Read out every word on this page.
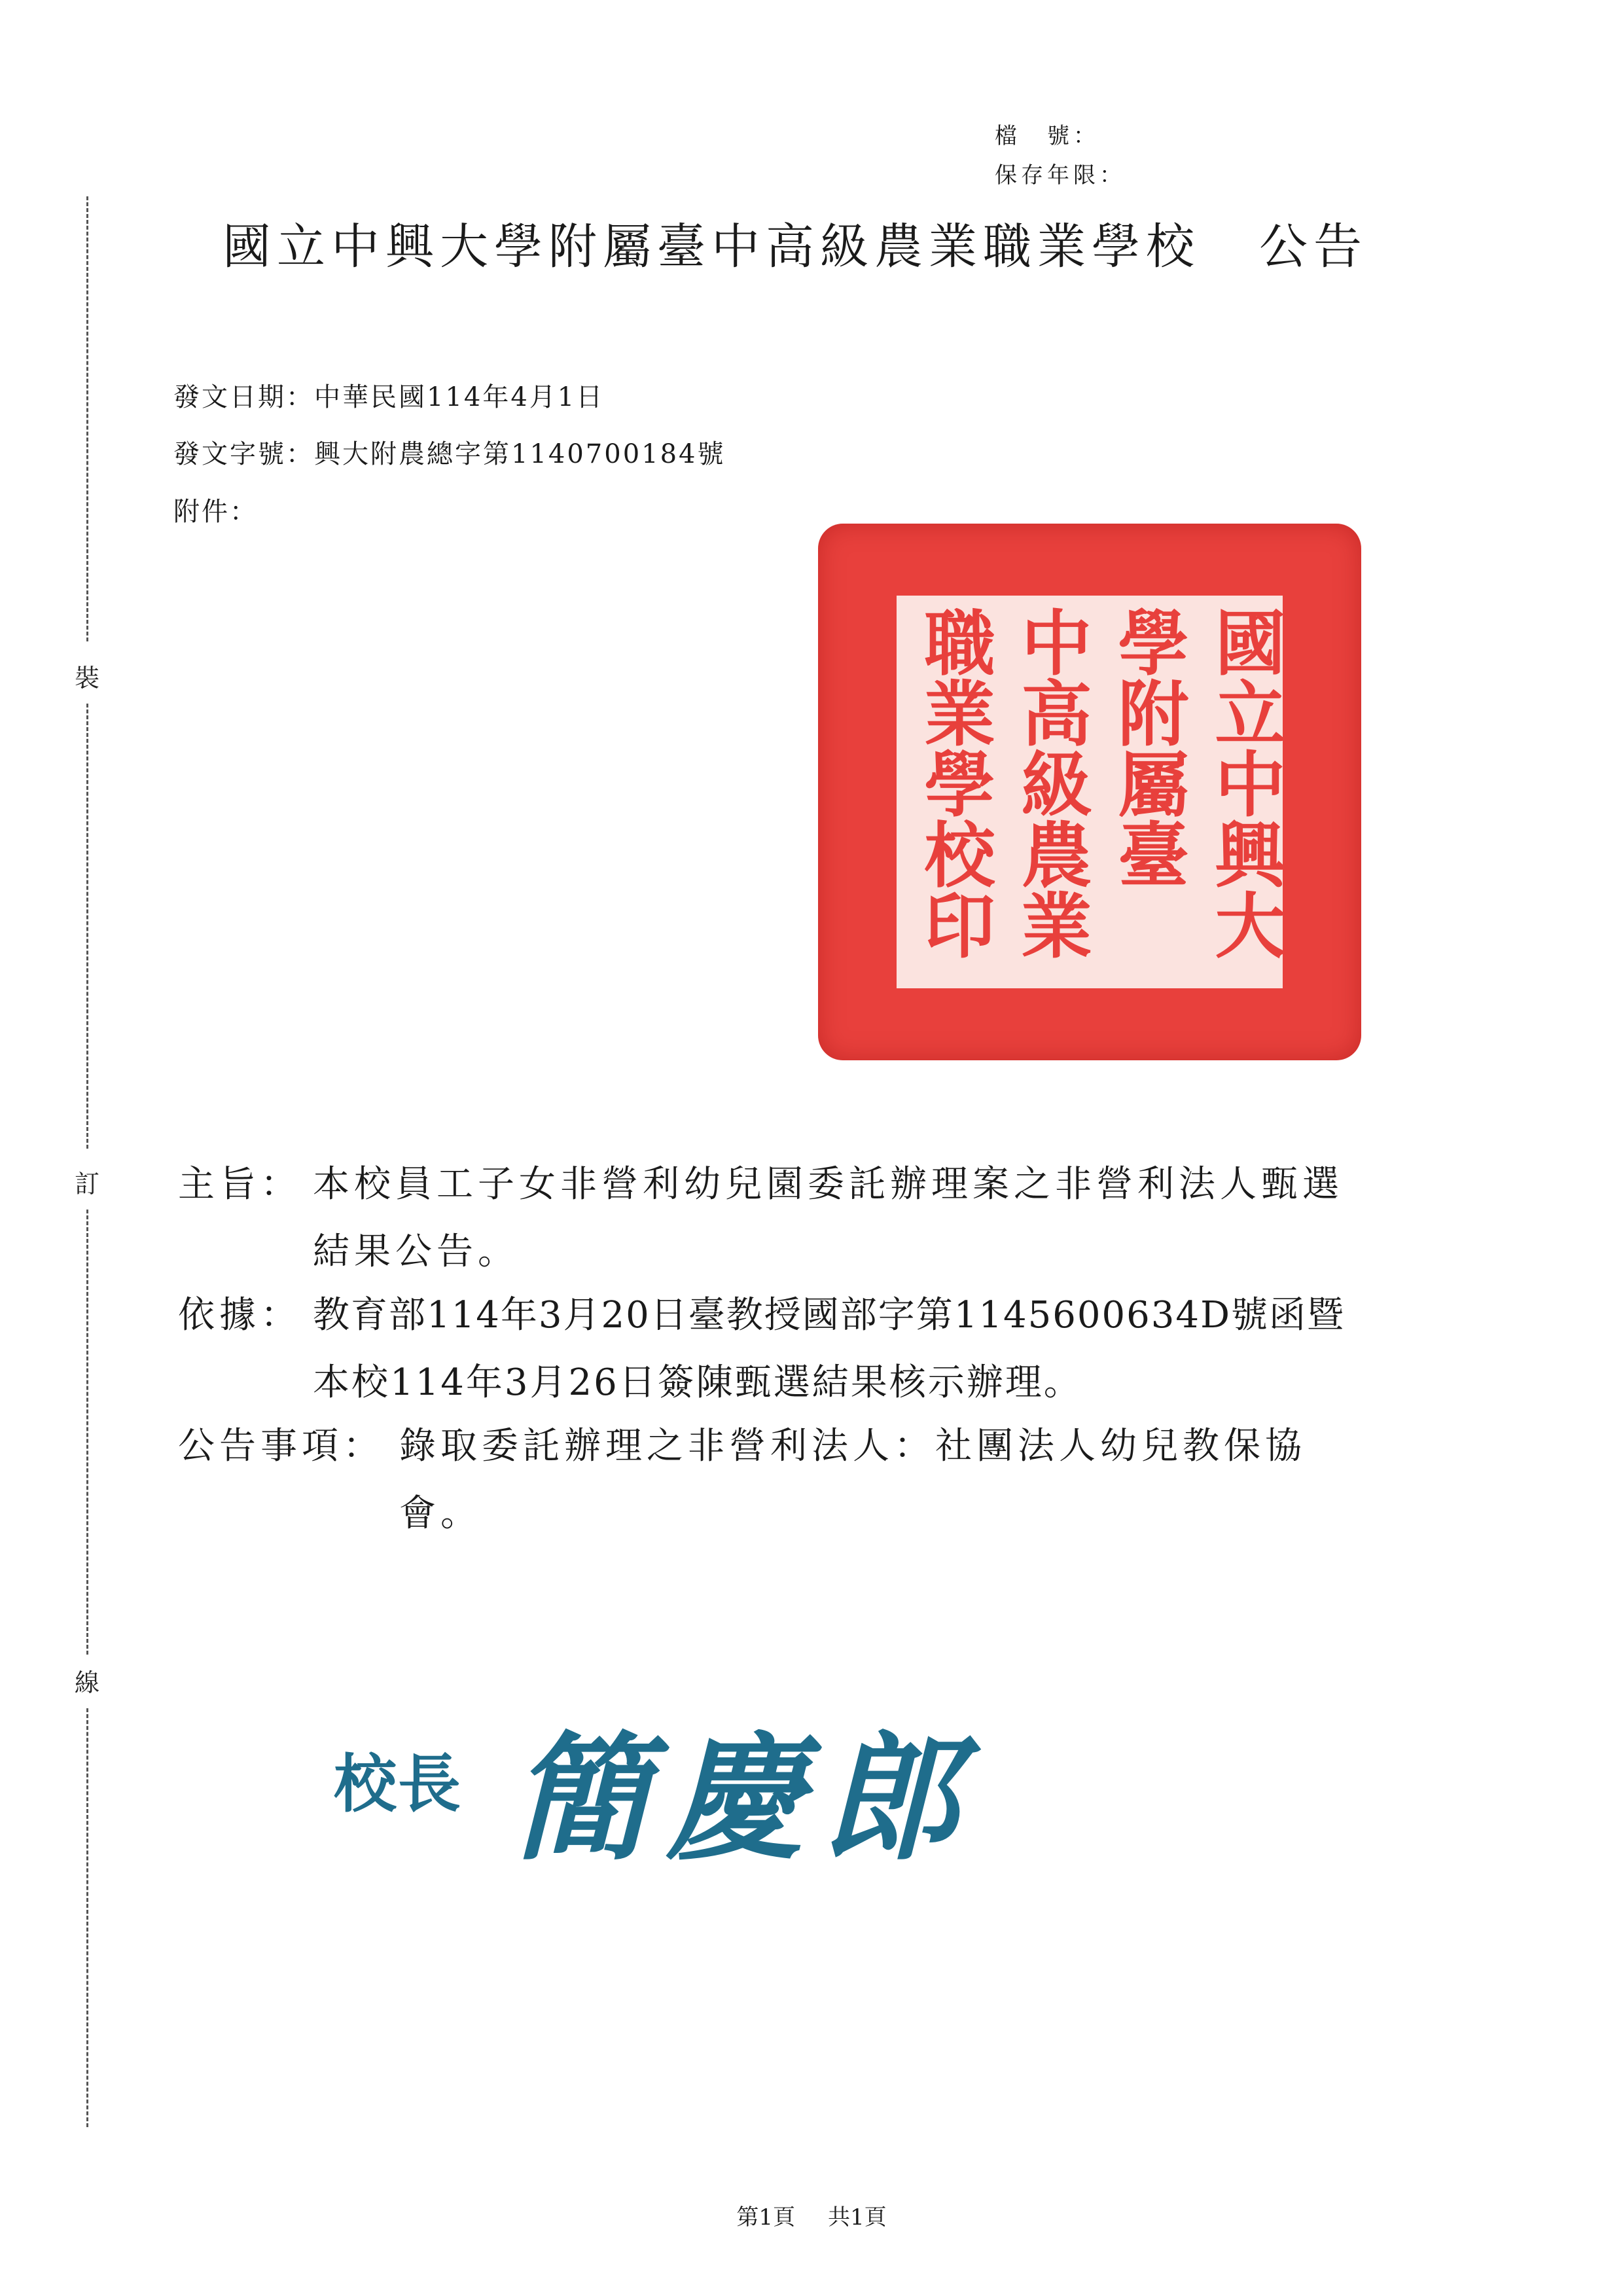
裝
訂
線
檔　號：
保存年限：
國立中興大學附屬臺中高級農業職業學校 公告
發文日期：中華民國114年4月1日
發文字號：興大附農總字第1140700184號
附件：
國立中興大
學附屬臺
中高級農業
職業學校印
主旨： 本校員工子女非營利幼兒園委託辦理案之非營利法人甄選
結果公告。
依據： 教育部114年3月20日臺教授國部字第1145600634D號函暨
本校114年3月26日簽陳甄選結果核示辦理。
公告事項： 錄取委託辦理之非營利法人：社團法人幼兒教保協
會。
校長 簡慶郎
第1頁 共1頁
